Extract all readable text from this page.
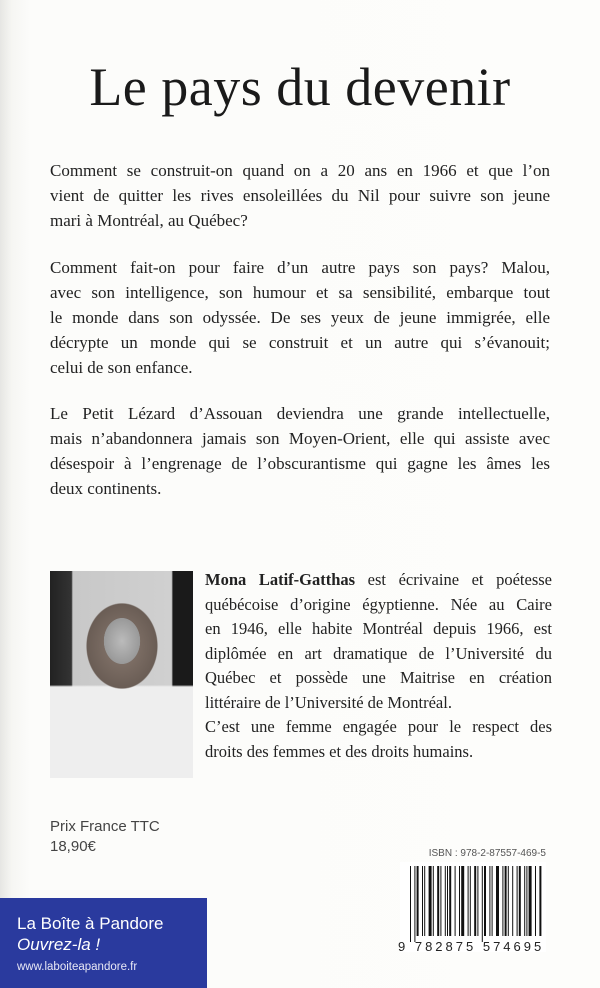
Le pays du devenir
Comment se construit-on quand on a 20 ans en 1966 et que l’on
vient de quitter les rives ensoleillées du Nil pour suivre son jeune
mari à Montréal, au Québec?
Comment fait-on pour faire d’un autre pays son pays? Malou,
avec son intelligence, son humour et sa sensibilité, embarque tout
le monde dans son odyssée. De ses yeux de jeune immigrée, elle
décrypte un monde qui se construit et un autre qui s’évanouit;
celui de son enfance.
Le Petit Lézard d’Assouan deviendra une grande intellectuelle,
mais n’abandonnera jamais son Moyen-Orient, elle qui assiste avec
désespoir à l’engrenage de l’obscurantisme qui gagne les âmes les
deux continents.
Mona Latif-Gatthas est écrivaine et poétesse
québécoise d’origine égyptienne. Née au Caire
en 1946, elle habite Montréal depuis 1966, est
diplômée en art dramatique de l’Université du
Québec et possède une Maitrise en création
littéraire de l’Université de Montréal.
C’est une femme engagée pour le respect des
droits des femmes et des droits humains.
Prix France TTC
18,90€
La Boîte à Pandore
Ouvrez-la !
www.laboiteapandore.fr
ISBN : 978-2-87557-469-5
9 782875 574695
